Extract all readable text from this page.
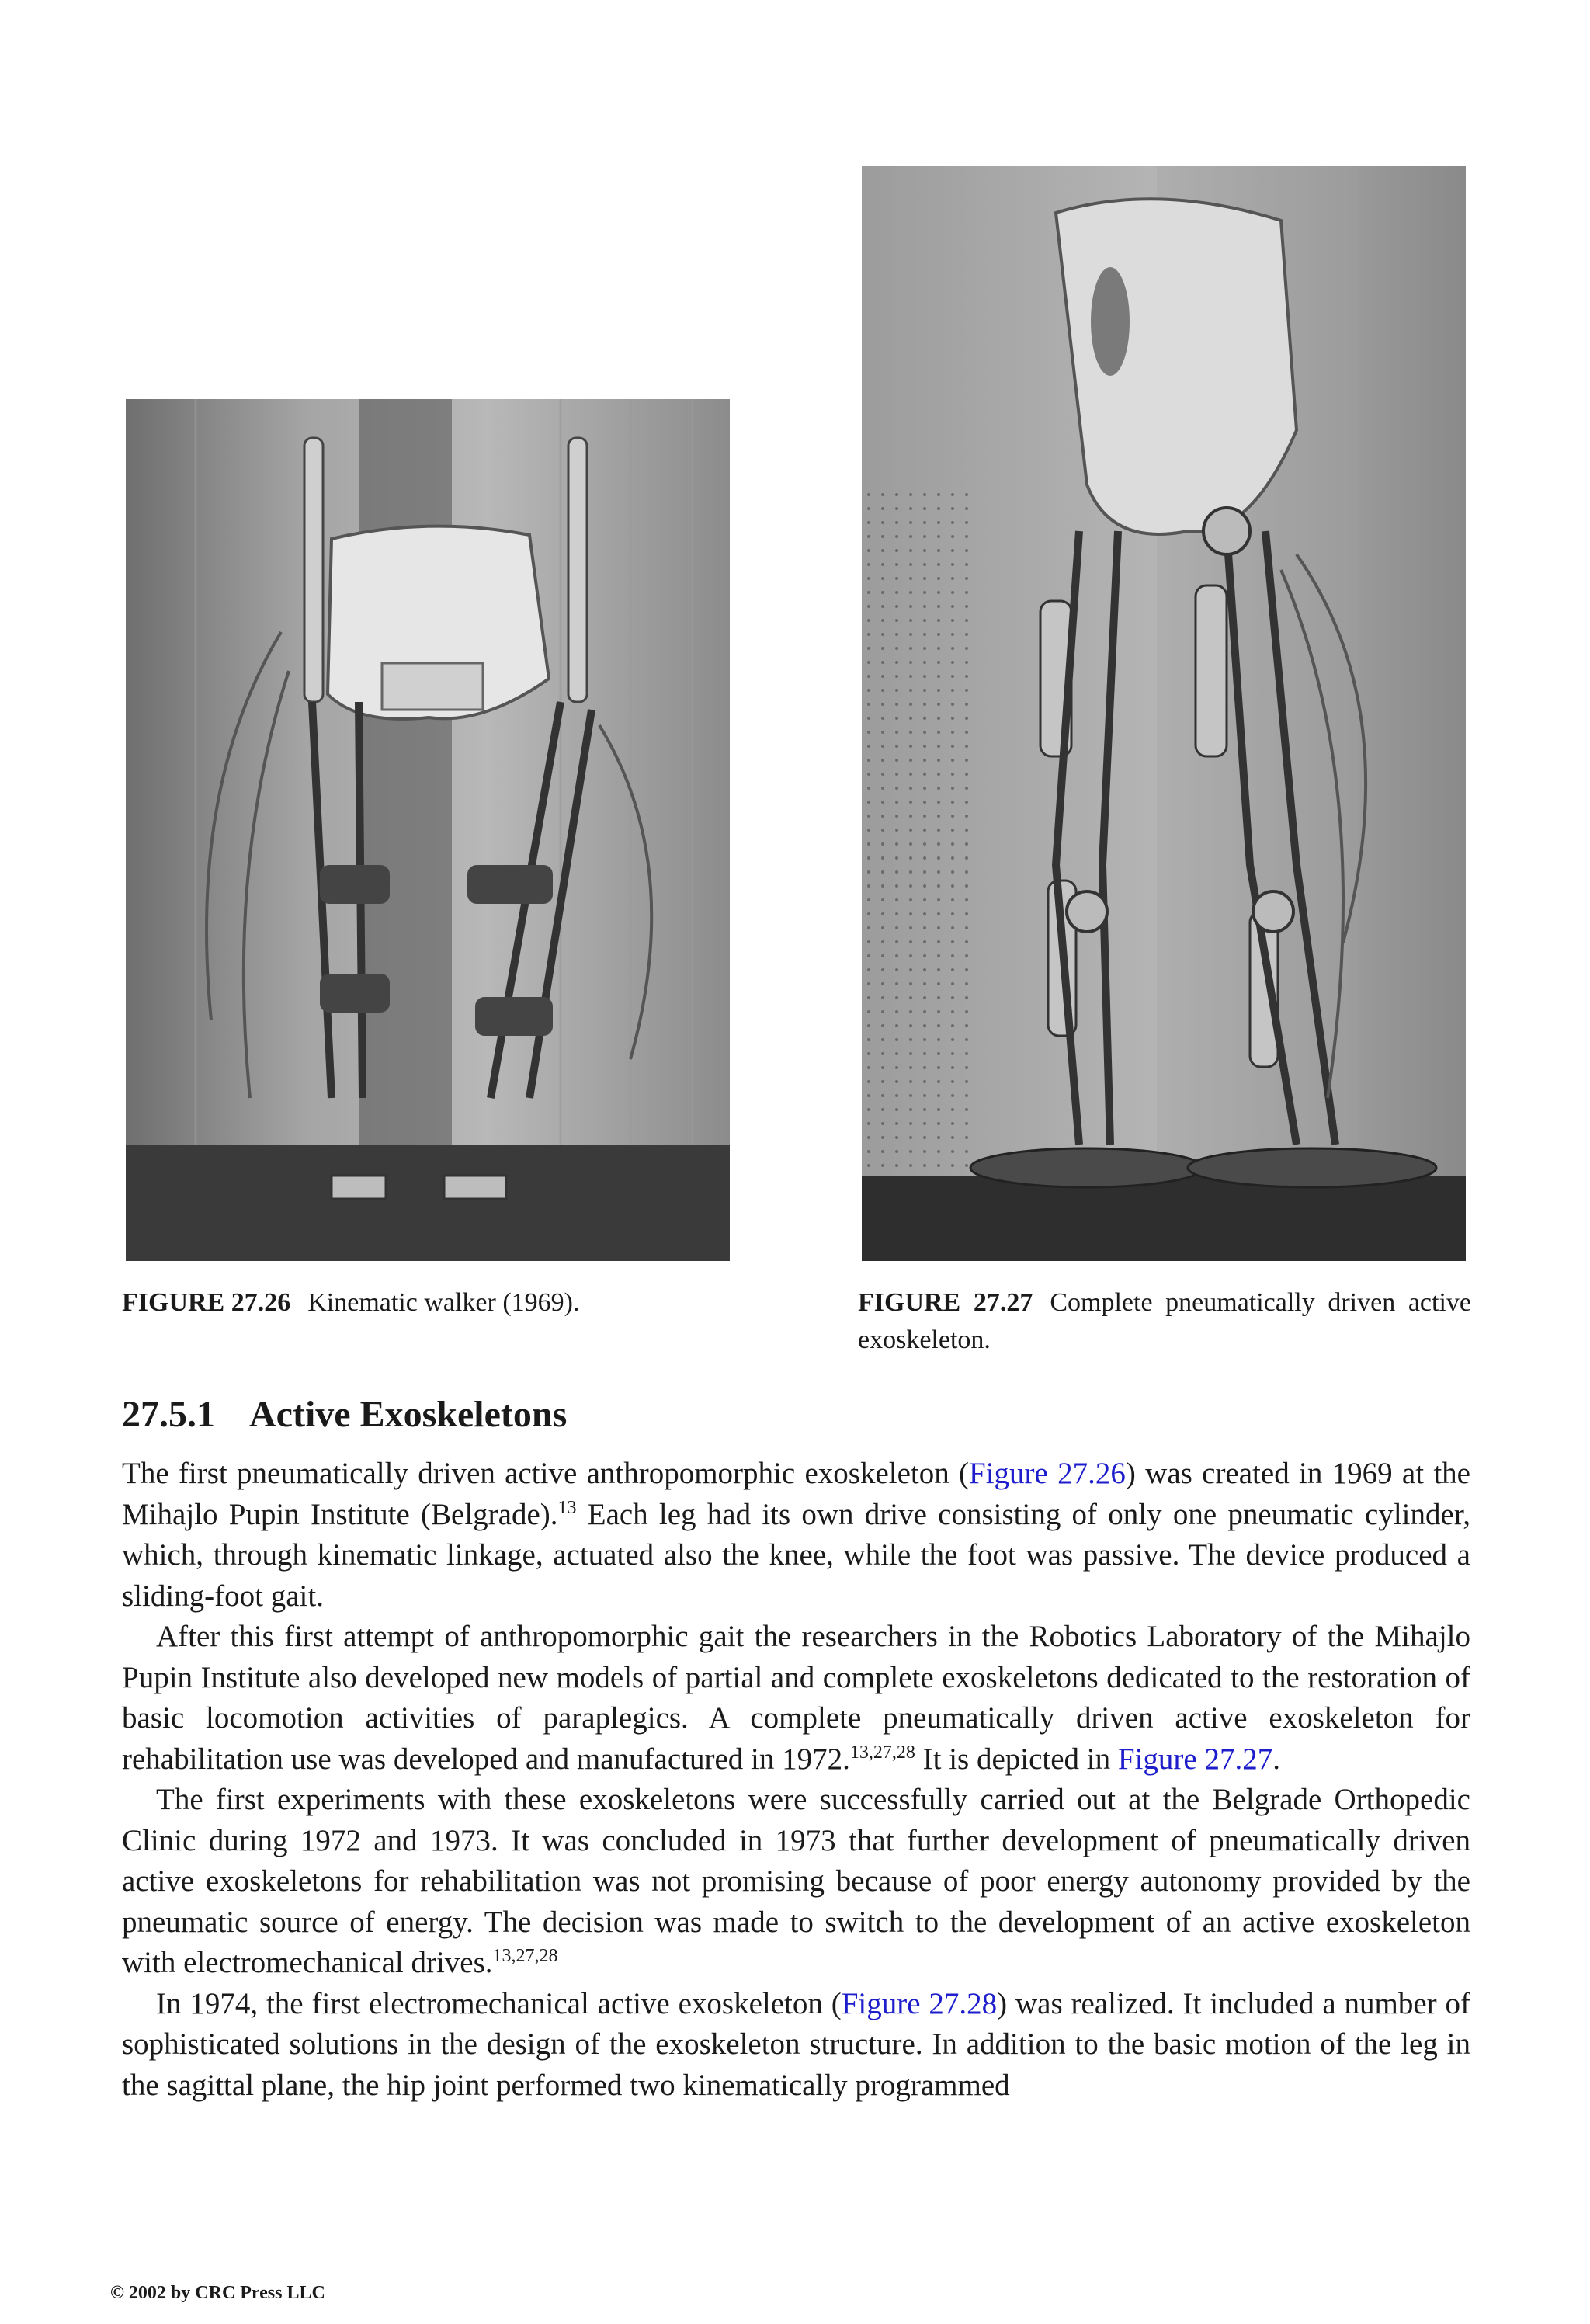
FIGURE 27.26 Kinematic walker (1969).	FIGURE 27.27 Complete pneumatically driven active exoskeleton.
27.5.1 Active Exoskeletons

The first pneumatically driven active anthropomorphic exoskeleton (Figure 27.26) was created in 1969 at the Mihajlo Pupin Institute (Belgrade).$^{13}$ Each leg had its own drive consisting of only one pneumatic cylinder, which, through kinematic linkage, actuated also the knee, while the foot was passive. The device produced a sliding-foot gait.

After this first attempt of anthropomorphic gait the researchers in the Robotics Laboratory of the Mihajlo Pupin Institute also developed new models of partial and complete exoskeletons dedicated to the restoration of basic locomotion activities of paraplegics. A complete pneumatically driven active exoskeleton for rehabilitation use was developed and manufactured in 1972.$^{13,27,28}$ It is depicted in Figure 27.27.

The first experiments with these exoskeletons were successfully carried out at the Belgrade Orthopedic Clinic during 1972 and 1973. It was concluded in 1973 that further development of pneumatically driven active exoskeletons for rehabilitation was not promising because of poor energy autonomy provided by the pneumatic source of energy. The decision was made to switch to the development of an active exoskeleton with electromechanical drives.$^{13,27,28}$

In 1974, the first electromechanical active exoskeleton (Figure 27.28) was realized. It included a number of sophisticated solutions in the design of the exoskeleton structure. In addition to the basic motion of the leg in the sagittal plane, the hip joint performed two kinematically programmed

© 2002 by CRC Press LLC
